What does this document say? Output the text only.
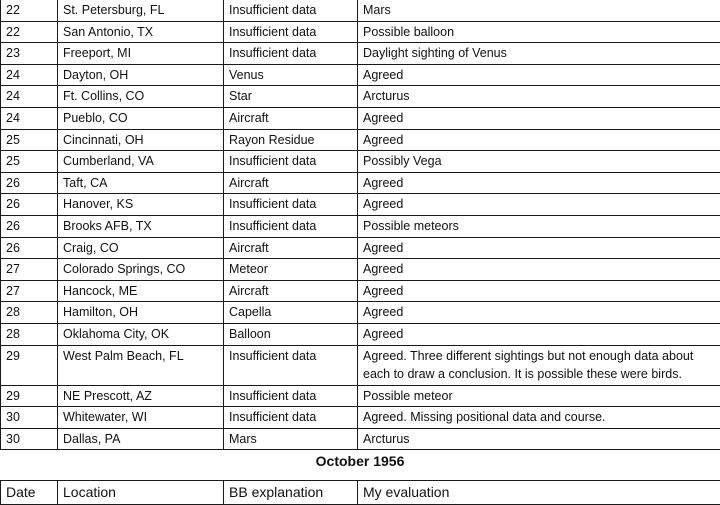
22	St. Petersburg, FL	Insufficient data	Mars
22	San Antonio, TX	Insufficient data	Possible balloon
23	Freeport, MI	Insufficient data	Daylight sighting of Venus
24	Dayton, OH	Venus	Agreed
24	Ft. Collins, CO	Star	Arcturus
24	Pueblo, CO	Aircraft	Agreed
25	Cincinnati, OH	Rayon Residue	Agreed
25	Cumberland, VA	Insufficient data	Possibly Vega
26	Taft, CA	Aircraft	Agreed
26	Hanover, KS	Insufficient data	Agreed
26	Brooks AFB, TX	Insufficient data	Possible meteors
26	Craig, CO	Aircraft	Agreed
27	Colorado Springs, CO	Meteor	Agreed
27	Hancock, ME	Aircraft	Agreed
28	Hamilton, OH	Capella	Agreed
28	Oklahoma City, OK	Balloon	Agreed
29	West Palm Beach, FL	Insufficient data	Agreed. Three different sightings but not enough data about each to draw a conclusion. It is possible these were birds.
29	NE Prescott, AZ	Insufficient data	Possible meteor
30	Whitewater, WI	Insufficient data	Agreed. Missing positional data and course.
30	Dallas, PA	Mars	Arcturus
October 1956
Date	Location	BB explanation	My evaluation
